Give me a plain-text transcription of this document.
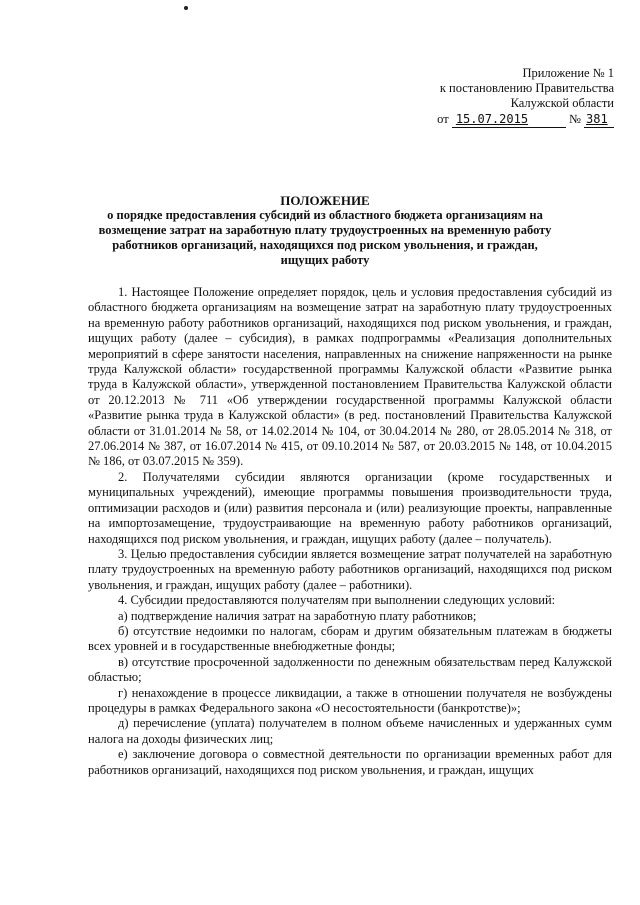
Приложение № 1
к постановлению Правительства
Калужской области
от 15.07.2015	№ 381
ПОЛОЖЕНИЕ
о порядке предоставления субсидий из областного бюджета организациям на
возмещение затрат на заработную плату трудоустроенных на временную работу
работников организаций, находящихся под риском увольнения, и граждан,
ищущих работу

1. Настоящее Положение определяет порядок, цель и условия предоставления субсидий из областного бюджета организациям на возмещение затрат на заработную плату трудоустроенных на временную работу работников организаций, находящихся под риском увольнения, и граждан, ищущих работу (далее – субсидия), в рамках подпрограммы «Реализация дополнительных мероприятий в сфере занятости населения, направленных на снижение напряженности на рынке труда Калужской области» государственной программы Калужской области «Развитие рынка труда в Калужской области», утвержденной постановлением Правительства Калужской области от 20.12.2013 № 711 «Об утверждении государственной программы Калужской области «Развитие рынка труда в Калужской области» (в ред. постановлений Правительства Калужской области от 31.01.2014 № 58, от 14.02.2014 № 104, от 30.04.2014 № 280, от 28.05.2014 № 318, от 27.06.2014 № 387, от 16.07.2014 № 415, от 09.10.2014 № 587, от 20.03.2015 № 148, от 10.04.2015 № 186, от 03.07.2015 № 359).

2. Получателями субсидии являются организации (кроме государственных и муниципальных учреждений), имеющие программы повышения производительности труда, оптимизации расходов и (или) развития персонала и (или) реализующие проекты, направленные на импортозамещение, трудоустраивающие на временную работу работников организаций, находящихся под риском увольнения, и граждан, ищущих работу (далее – получатель).

3. Целью предоставления субсидии является возмещение затрат получателей на заработную плату трудоустроенных на временную работу работников организаций, находящихся под риском увольнения, и граждан, ищущих работу (далее – работники).

4. Субсидии предоставляются получателям при выполнении следующих условий:

а) подтверждение наличия затрат на заработную плату работников;

б) отсутствие недоимки по налогам, сборам и другим обязательным платежам в бюджеты всех уровней и в государственные внебюджетные фонды;

в) отсутствие просроченной задолженности по денежным обязательствам перед Калужской областью;

г) ненахождение в процессе ликвидации, а также в отношении получателя не возбуждены процедуры в рамках Федерального закона «О несостоятельности (банкротстве)»;

д) перечисление (уплата) получателем в полном объеме начисленных и удержанных сумм налога на доходы физических лиц;

е) заключение договора о совместной деятельности по организации временных работ для работников организаций, находящихся под риском увольнения, и граждан, ищущих
